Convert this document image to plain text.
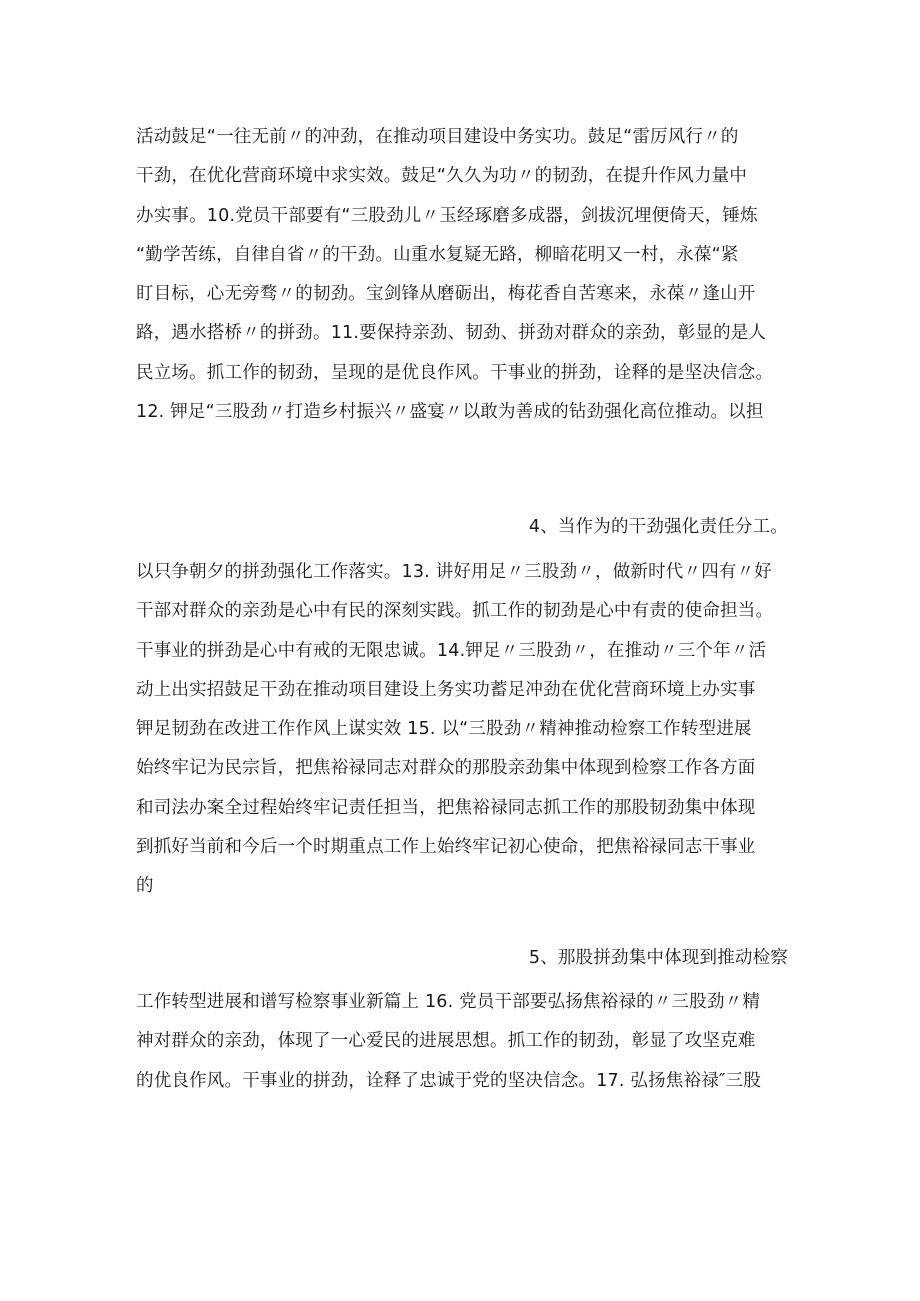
活动鼓足“一往无前〃的冲劲，在推动项目建设中务实功。鼓足“雷厉风行〃的
干劲，在优化营商环境中求实效。鼓足“久久为功〃的韧劲，在提升作风力量中
办实事。10.党员干部要有“三股劲儿〃玉经琢磨多成器，剑拔沉埋便倚天，锤炼
“勤学苦练，自律自省〃的干劲。山重水复疑无路，柳暗花明又一村，永葆“紧
盯目标，心无旁骛〃的韧劲。宝剑锋从磨砺出，梅花香自苦寒来，永葆〃逢山开
路，遇水搭桥〃的拼劲。11.要保持亲劲、韧劲、拼劲对群众的亲劲，彰显的是人
民立场。抓工作的韧劲，呈现的是优良作风。干事业的拼劲，诠释的是坚决信念。
12. 钾足“三股劲〃打造乡村振兴〃盛宴〃以敢为善成的钻劲强化高位推动。以担
4、当作为的干劲强化责任分工。
以只争朝夕的拼劲强化工作落实。13. 讲好用足〃三股劲〃，做新时代〃四有〃好
干部对群众的亲劲是心中有民的深刻实践。抓工作的韧劲是心中有责的使命担当。
干事业的拼劲是心中有戒的无限忠诚。14.钾足〃三股劲〃，在推动〃三个年〃活
动上出实招鼓足干劲在推动项目建设上务实功蓄足冲劲在优化营商环境上办实事
钾足韧劲在改进工作作风上谋实效 15. 以“三股劲〃精神推动检察工作转型进展
始终牢记为民宗旨，把焦裕禄同志对群众的那股亲劲集中体现到检察工作各方面
和司法办案全过程始终牢记责任担当，把焦裕禄同志抓工作的那股韧劲集中体现
到抓好当前和今后一个时期重点工作上始终牢记初心使命，把焦裕禄同志干事业
的
5、那股拼劲集中体现到推动检察
工作转型进展和谱写检察事业新篇上 16. 党员干部要弘扬焦裕禄的〃三股劲〃精
神对群众的亲劲，体现了一心爱民的进展思想。抓工作的韧劲，彰显了攻坚克难
的优良作风。干事业的拼劲，诠释了忠诚于党的坚决信念。17. 弘扬焦裕禄″三股
